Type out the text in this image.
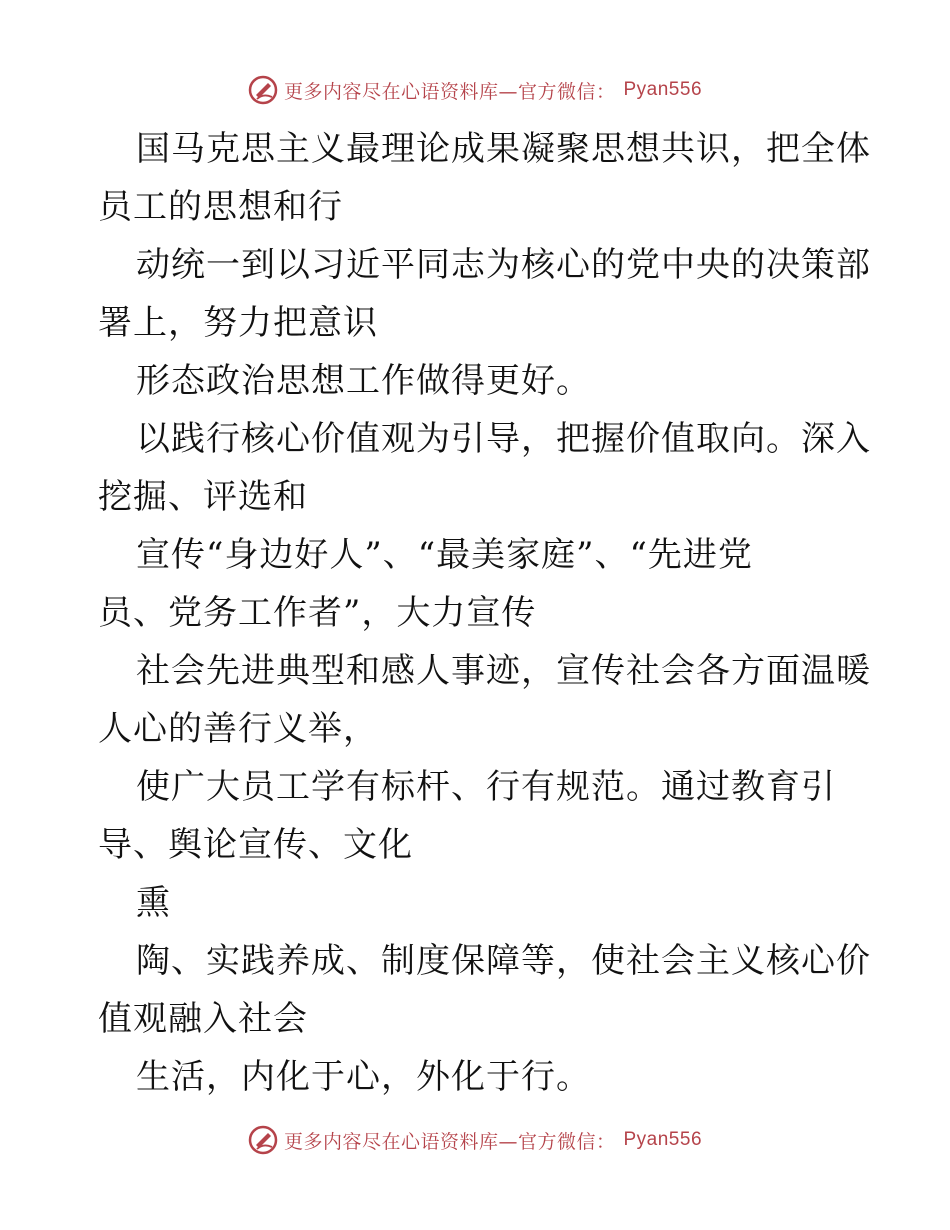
更多内容尽在心语资料库—官方微信： Pyan556
国马克思主义最理论成果凝聚思想共识，把全体
员工的思想和行
动统一到以习近平同志为核心的党中央的决策部
署上，努力把意识
形态政治思想工作做得更好。
以践行核心价值观为引导，把握价值取向。深入
挖掘、评选和
宣传“身边好人”、“最美家庭”、“先进党
员、党务工作者”，大力宣传
社会先进典型和感人事迹，宣传社会各方面温暖
人心的善行义举，
使广大员工学有标杆、行有规范。通过教育引
导、舆论宣传、文化
熏
陶、实践养成、制度保障等，使社会主义核心价
值观融入社会
生活，内化于心，外化于行。
更多内容尽在心语资料库—官方微信： Pyan556
